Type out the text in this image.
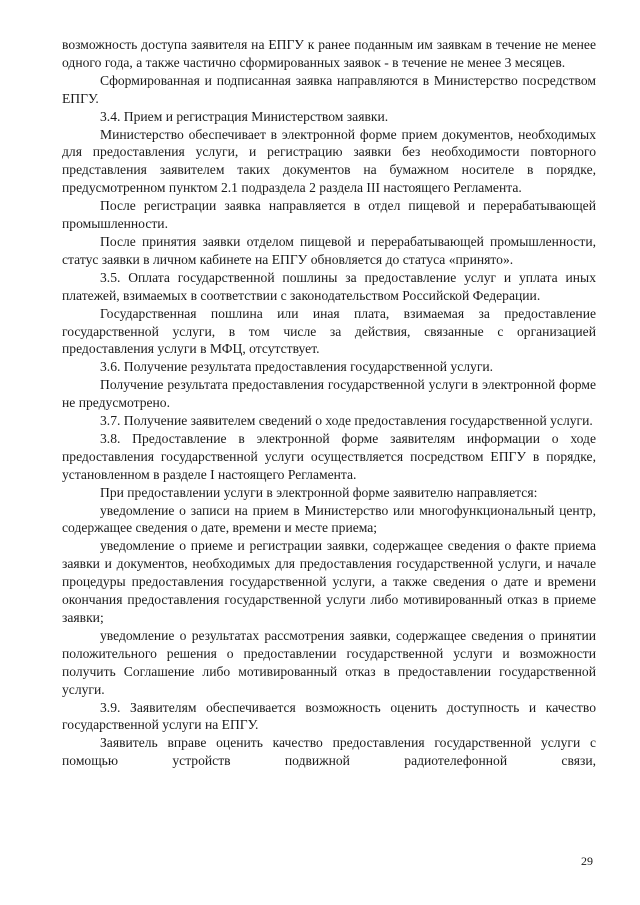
возможность доступа заявителя на ЕПГУ к ранее поданным им заявкам в течение не менее одного года, а также частично сформированных заявок - в течение не менее 3 месяцев.

Сформированная и подписанная заявка направляются в Министерство посредством ЕПГУ.

3.4. Прием и регистрация Министерством заявки.

Министерство обеспечивает в электронной форме прием документов, необходимых для предоставления услуги, и регистрацию заявки без необходимости повторного представления заявителем таких документов на бумажном носителе в порядке, предусмотренном пунктом 2.1 подраздела 2 раздела III настоящего Регламента.

После регистрации заявка направляется в отдел пищевой и перерабатывающей промышленности.

После принятия заявки отделом пищевой и перерабатывающей промышленности, статус заявки в личном кабинете на ЕПГУ обновляется до статуса «принято».

3.5. Оплата государственной пошлины за предоставление услуг и уплата иных платежей, взимаемых в соответствии с законодательством Российской Федерации.

Государственная пошлина или иная плата, взимаемая за предоставление государственной услуги, в том числе за действия, связанные с организацией предоставления услуги в МФЦ, отсутствует.

3.6. Получение результата предоставления государственной услуги.

Получение результата предоставления государственной услуги в электронной форме не предусмотрено.

3.7. Получение заявителем сведений о ходе предоставления государственной услуги.

3.8. Предоставление в электронной форме заявителям информации о ходе предоставления государственной услуги осуществляется посредством ЕПГУ в порядке, установленном в разделе I настоящего Регламента.

При предоставлении услуги в электронной форме заявителю направляется:

уведомление о записи на прием в Министерство или многофункциональный центр, содержащее сведения о дате, времени и месте приема;

уведомление о приеме и регистрации заявки, содержащее сведения о факте приема заявки и документов, необходимых для предоставления государственной услуги, и начале процедуры предоставления государственной услуги, а также сведения о дате и времени окончания предоставления государственной услуги либо мотивированный отказ в приеме заявки;

уведомление о результатах рассмотрения заявки, содержащее сведения о принятии положительного решения о предоставлении государственной услуги и возможности получить Соглашение либо мотивированный отказ в предоставлении государственной услуги.

3.9. Заявителям обеспечивается возможность оценить доступность и качество государственной услуги на ЕПГУ.

Заявитель вправе оценить качество предоставления государственной услуги с помощью устройств подвижной радиотелефонной связи,

29
